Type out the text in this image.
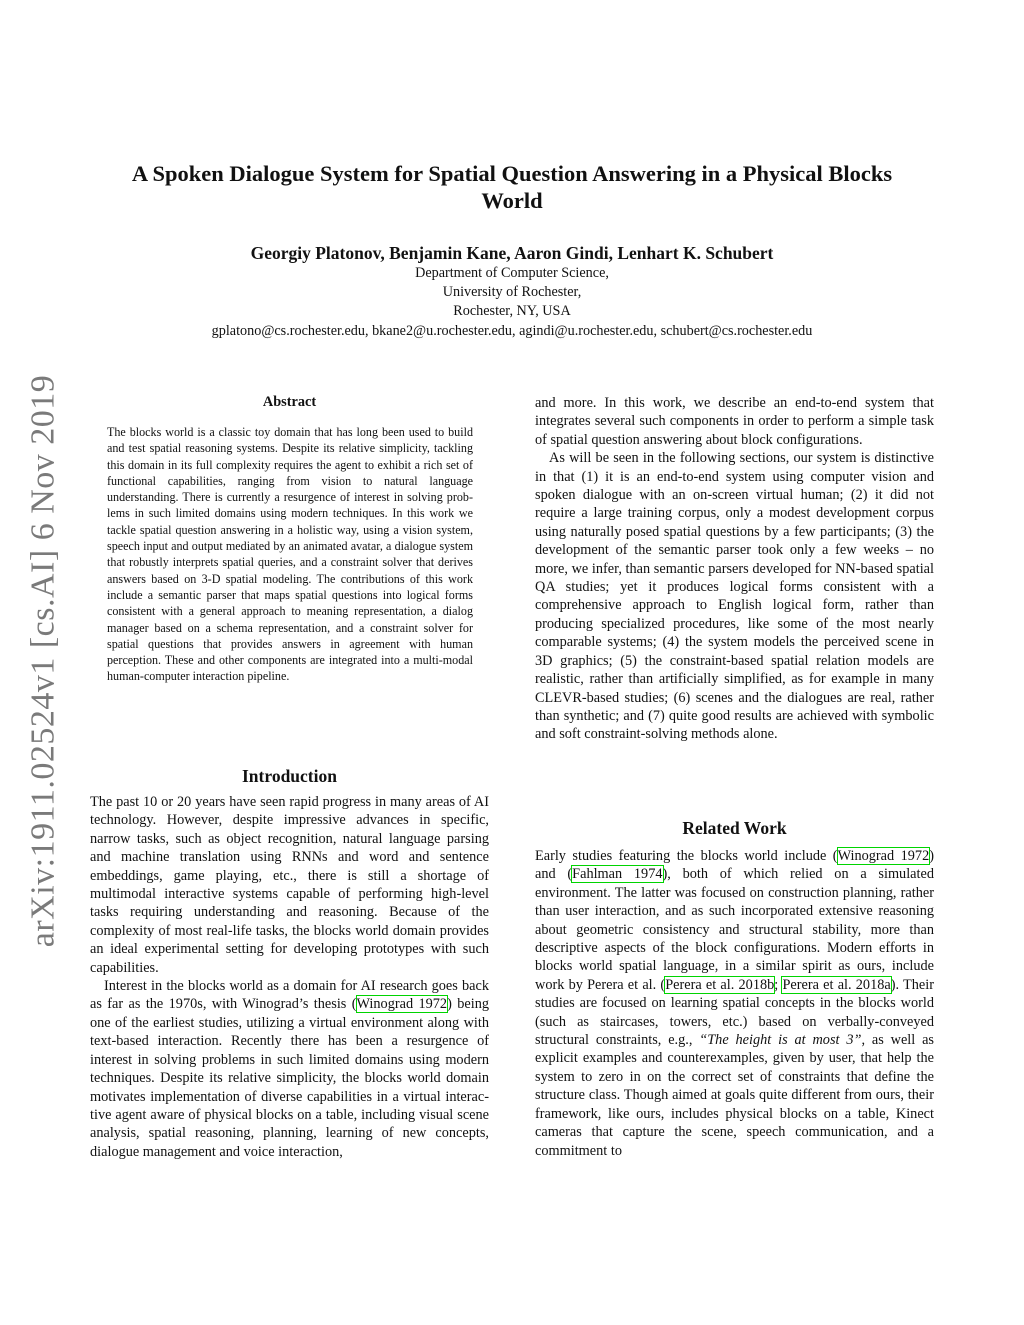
arXiv:1911.02524v1 [cs.AI] 6 Nov 2019
A Spoken Dialogue System for Spatial Question Answering in a Physical Blocks
World
Georgiy Platonov, Benjamin Kane, Aaron Gindi, Lenhart K. Schubert
Department of Computer Science,
University of Rochester,
Rochester, NY, USA
gplatono@cs.rochester.edu, bkane2@u.rochester.edu, agindi@u.rochester.edu, schubert@cs.rochester.edu
Abstract
The blocks world is a classic toy domain that has long been used to build and test spatial reasoning systems. Despite its relative simplicity, tackling this domain in its full complexity requires the agent to exhibit a rich set of functional capabilities, ranging from vision to natural language understanding. There is currently a resurgence of interest in solving problems in such limited domains using modern techniques. In this work we tackle spatial question answering in a holistic way, using a vision system, speech input and output mediated by an animated avatar, a dialogue system that robustly interprets spatial queries, and a constraint solver that derives answers based on 3-D spatial modeling. The contributions of this work include a semantic parser that maps spatial questions into logical forms consistent with a general approach to meaning representation, a dialog manager based on a schema representation, and a constraint solver for spatial questions that provides answers in agreement with human perception. These and other components are integrated into a multi-modal human-computer interaction pipeline.
Introduction

The past 10 or 20 years have seen rapid progress in many areas of AI technology. However, despite impressive advances in specific, narrow tasks, such as object recognition, natural language parsing and machine translation using RNNs and word and sentence embeddings, game playing, etc., there is still a shortage of multimodal interactive systems capable of performing high-level tasks requiring understanding and reasoning. Because of the complexity of most real-life tasks, the blocks world domain provides an ideal experimental setting for developing prototypes with such capabilities.

Interest in the blocks world as a domain for AI research goes back as far as the 1970s, with Winograd’s thesis (Winograd 1972) being one of the earliest studies, utilizing a virtual environment along with text-based interaction. Recently there has been a resurgence of interest in solving problems in such limited domains using modern techniques. Despite its relative simplicity, the blocks world domain motivates implementation of diverse capabilities in a virtual interactive agent aware of physical blocks on a table, including visual scene analysis, spatial reasoning, planning, learning of new concepts, dialogue management and voice interaction,

and more. In this work, we describe an end-to-end system that integrates several such components in order to perform a simple task of spatial question answering about block configurations.

As will be seen in the following sections, our system is distinctive in that (1) it is an end-to-end system using computer vision and spoken dialogue with an on-screen virtual human; (2) it did not require a large training corpus, only a modest development corpus using naturally posed spatial questions by a few participants; (3) the development of the semantic parser took only a few weeks – no more, we infer, than semantic parsers developed for NN-based spatial QA studies; yet it produces logical forms consistent with a comprehensive approach to English logical form, rather than producing specialized procedures, like some of the most nearly comparable systems; (4) the system models the perceived scene in 3D graphics; (5) the constraint-based spatial relation models are realistic, rather than artificially simplified, as for example in many CLEVR-based studies; (6) scenes and the dialogues are real, rather than synthetic; and (7) quite good results are achieved with symbolic and soft constraint-solving methods alone.

Related Work

Early studies featuring the blocks world include (Winograd 1972) and (Fahlman 1974), both of which relied on a simulated environment. The latter was focused on construction planning, rather than user interaction, and as such incorporated extensive reasoning about geometric consistency and structural stability, more than descriptive aspects of the block configurations. Modern efforts in blocks world spatial language, in a similar spirit as ours, include work by Perera et al. (Perera et al. 2018b; Perera et al. 2018a). Their studies are focused on learning spatial concepts in the blocks world (such as staircases, towers, etc.) based on verbally-conveyed structural constraints, e.g., “The height is at most 3”, as well as explicit examples and counterexamples, given by user, that help the system to zero in on the correct set of constraints that define the structure class. Though aimed at goals quite different from ours, their framework, like ours, includes physical blocks on a table, Kinect cameras that capture the scene, speech communication, and a commitment to
